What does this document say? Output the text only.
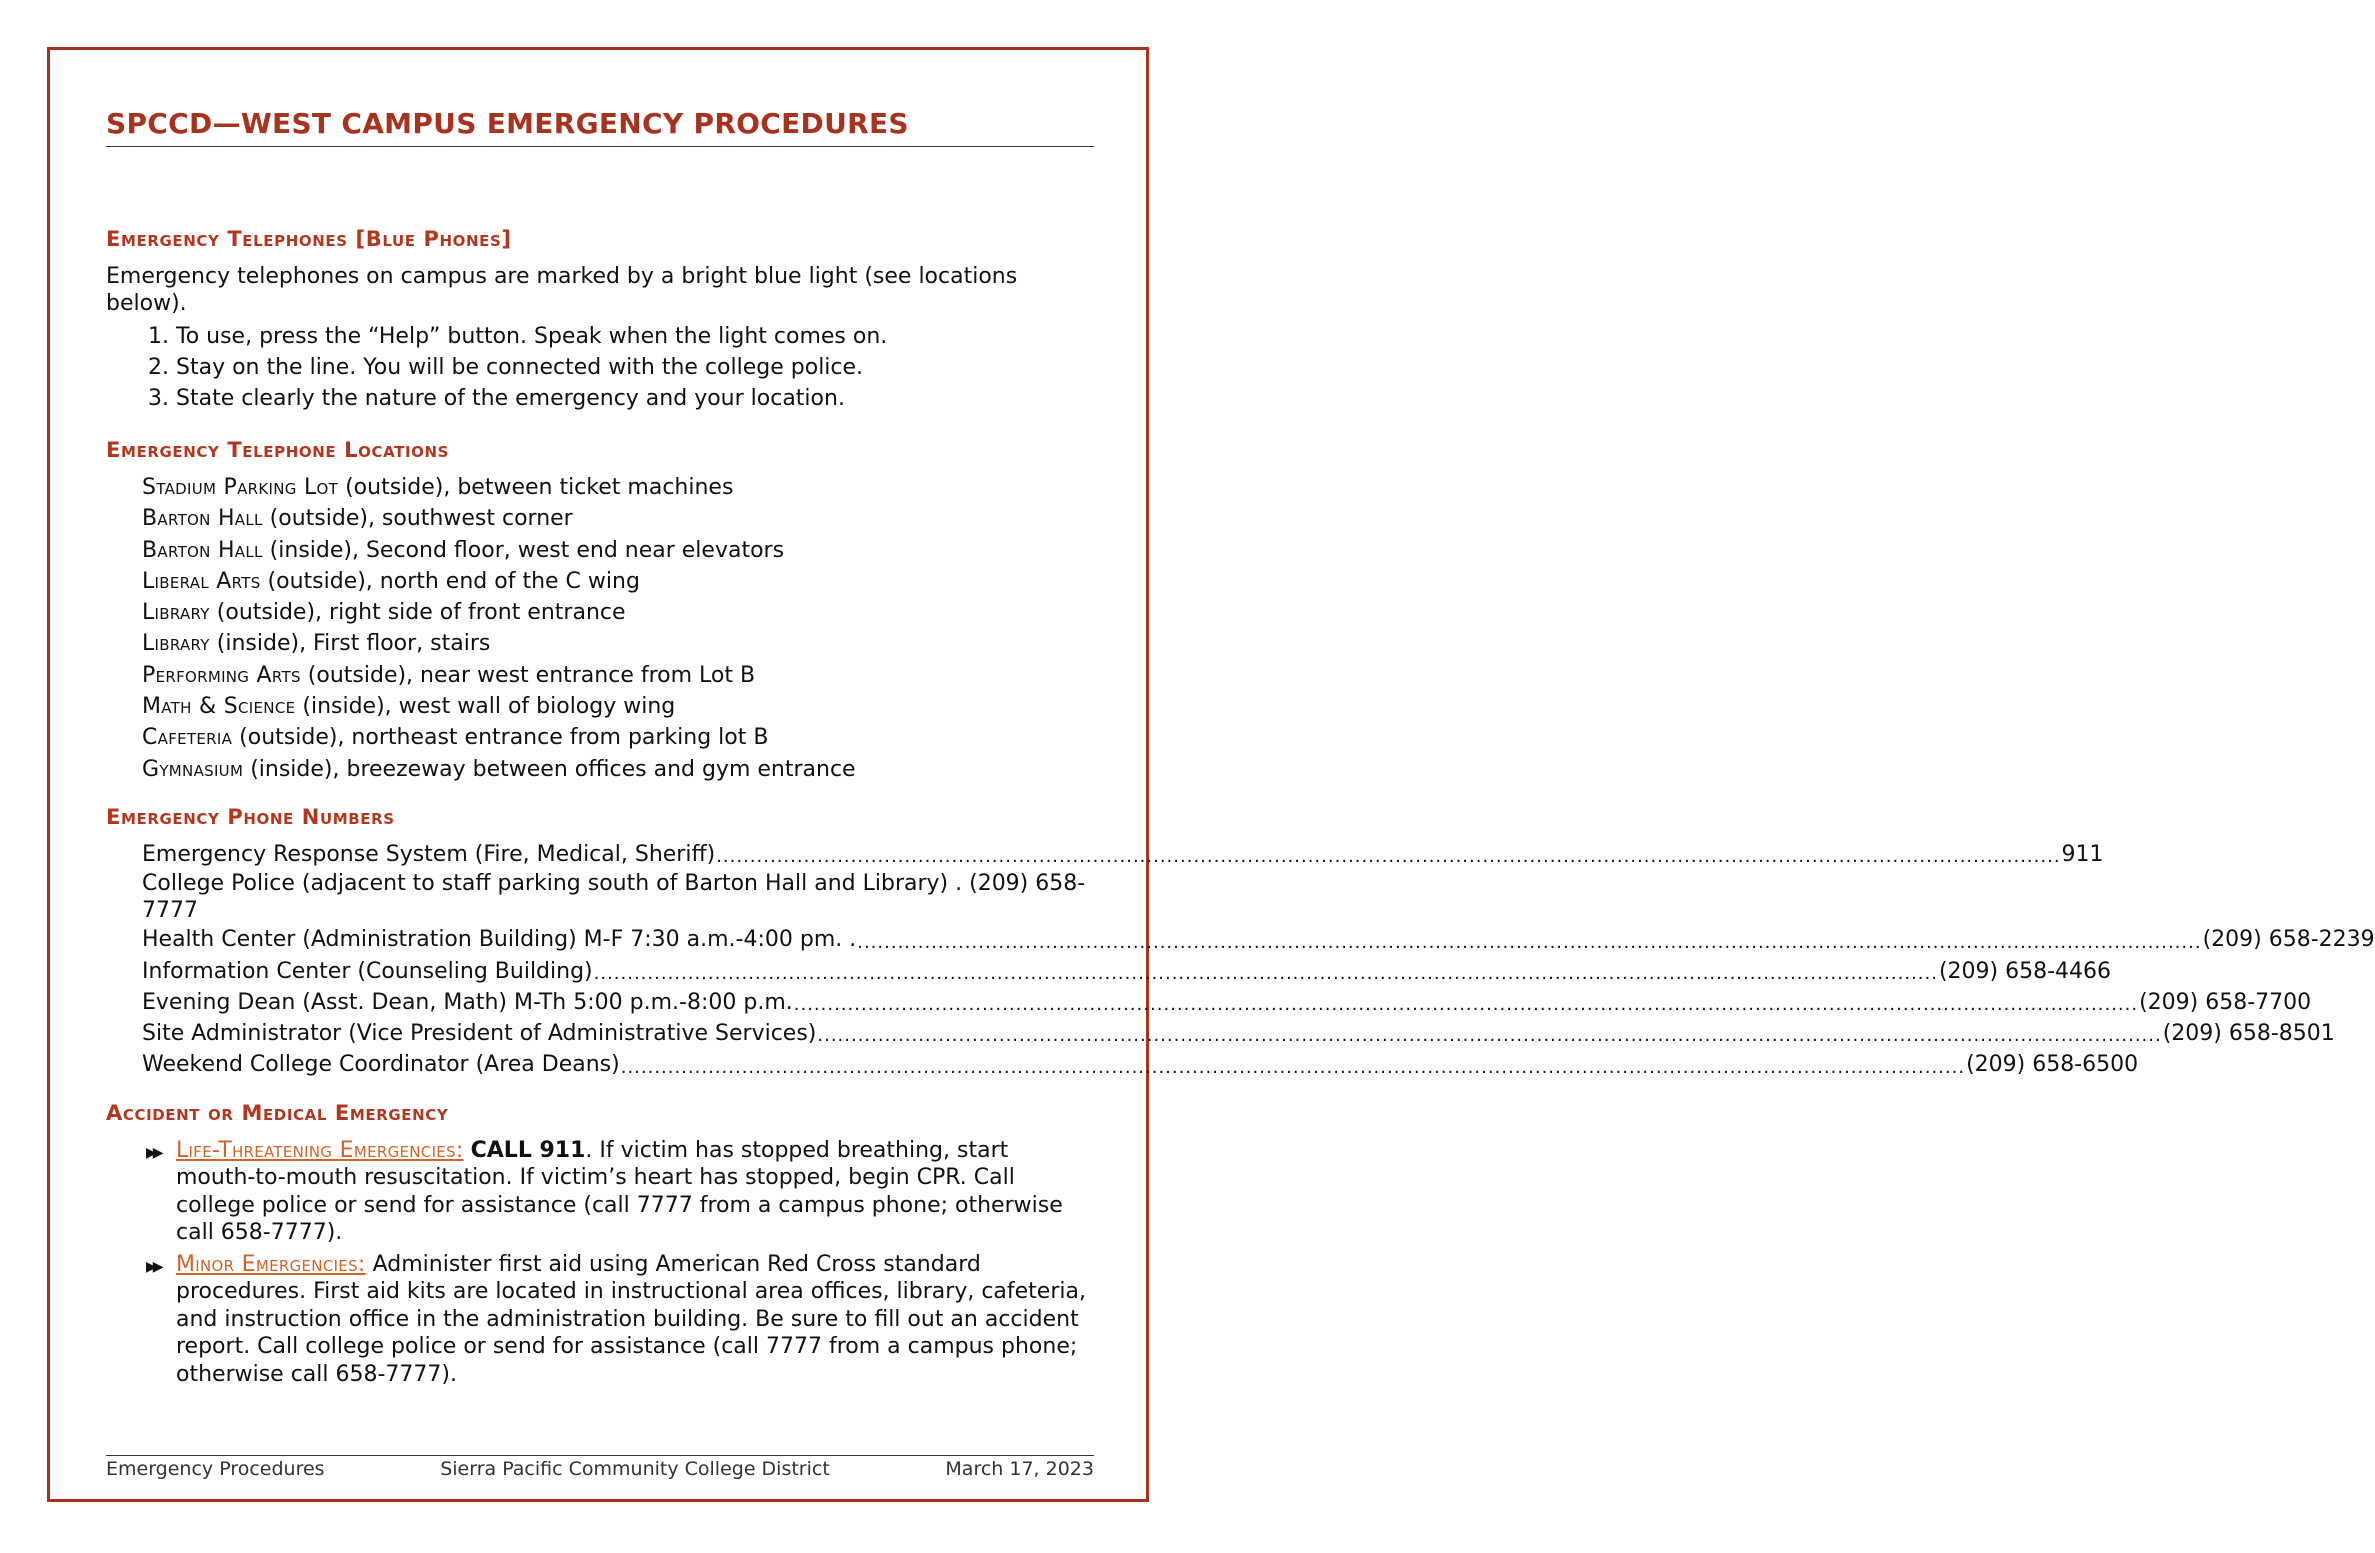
SPCCD—WEST CAMPUS EMERGENCY PROCEDURES
Emergency Telephones [Blue Phones]

Emergency telephones on campus are marked by a bright blue light (see locations below).

1. To use, press the “Help” button. Speak when the light comes on.
2. Stay on the line. You will be connected with the college police.
3. State clearly the nature of the emergency and your location.
Emergency Telephone Locations
Stadium Parking Lot (outside), between ticket machines
Barton Hall (outside), southwest corner
Barton Hall (inside), Second floor, west end near elevators
Liberal Arts (outside), north end of the C wing
Library (outside), right side of front entrance
Library (inside), First floor, stairs
Performing Arts (outside), near west entrance from Lot B
Math & Science (inside), west wall of biology wing
Cafeteria (outside), northeast entrance from parking lot B
Gymnasium (inside), breezeway between offices and gym entrance
Emergency Phone Numbers
Emergency Response System (Fire, Medical, Sheriff) ........................................................................................................................................................................................................ 911
College Police (adjacent to staff parking south of Barton Hall and Library) . (209) 658-7777
Health Center (Administration Building) M-F 7:30 a.m.-4:00 pm. . ........................................................................................................................................................................................................ (209) 658-2239
Information Center (Counseling Building) ........................................................................................................................................................................................................ (209) 658-4466
Evening Dean (Asst. Dean, Math) M-Th 5:00 p.m.-8:00 p.m. ........................................................................................................................................................................................................ (209) 658-7700
Site Administrator (Vice President of Administrative Services) ........................................................................................................................................................................................................ (209) 658-8501
Weekend College Coordinator (Area Deans) ........................................................................................................................................................................................................ (209) 658-6500
Accident or Medical Emergency
▶▶ Life-Threatening Emergencies: CALL 911. If victim has stopped breathing, start mouth-to-mouth resuscitation. If victim’s heart has stopped, begin CPR. Call college police or send for assistance (call 7777 from a campus phone; otherwise call 658-7777).
▶▶ Minor Emergencies: Administer first aid using American Red Cross standard procedures. First aid kits are located in instructional area offices, library, cafeteria, and instruction office in the administration building. Be sure to fill out an accident report. Call college police or send for assistance (call 7777 from a campus phone; otherwise call 658-7777).
Emergency Procedures	Sierra Pacific Community College District	March 17, 2023
